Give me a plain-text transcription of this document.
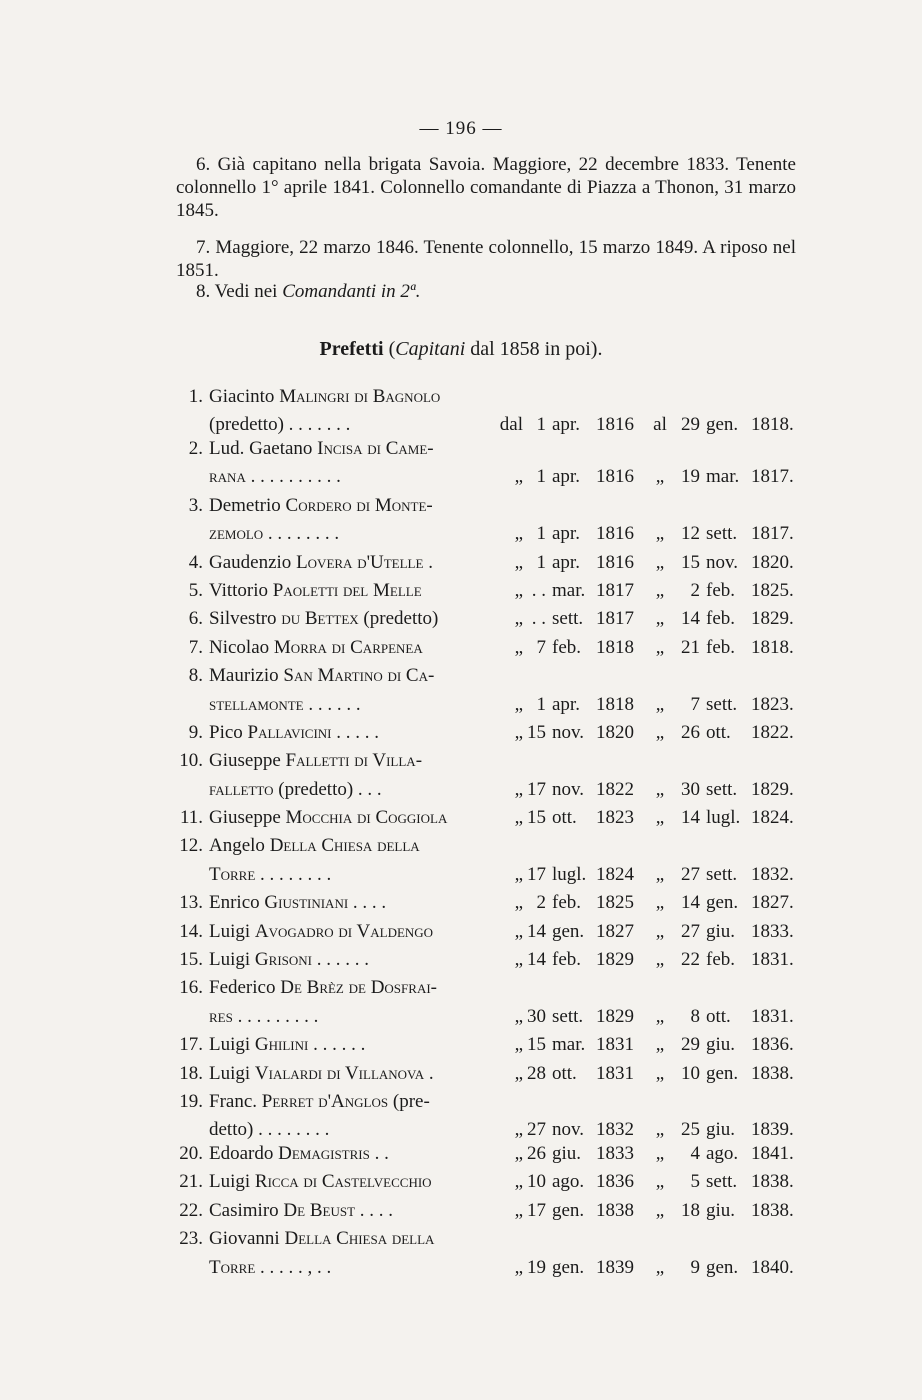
— 196 —

6. Già capitano nella brigata Savoia. Maggiore, 22 decembre 1833. Tenente colonnello 1° aprile 1841. Colonnello comandante di Piazza a Thonon, 31 marzo 1845.

7. Maggiore, 22 marzo 1846. Tenente colonnello, 15 marzo 1849. A riposo nel 1851.

8. Vedi nei Comandanti in 2ª.

Prefetti (Capitani dal 1858 in poi).
1. Giacinto Malingri di Bagnolo
(predetto) . . . . . . .	dal 1 apr. 1816	al 29 gen. 1818.
2. Lud. Gaetano Incisa di Came-
rana . . . . . . . . . .	„ 1 apr. 1816	„ 19 mar. 1817.
3. Demetrio Cordero di Monte-
zemolo . . . . . . . .	„ 1 apr. 1816	„ 12 sett. 1817.
4. Gaudenzio Lovera d'Utelle .	„ 1 apr. 1816	„ 15 nov. 1820.
5. Vittorio Paoletti del Melle	„ . . mar. 1817	„	2 feb. 1825.
6. Silvestro du Bettex (predetto)	„ . . sett. 1817	„ 14 feb. 1829.
7. Nicolao Morra di Carpenea	„ 7 feb. 1818	„ 21 feb. 1818.
8. Maurizio San Martino di Ca-
stellamonte . . . . . .	„ 1 apr. 1818	„	7 sett. 1823.
9. Pico Pallavicini . . . . .	„ 15 nov. 1820	„ 26 ott. 1822.
10. Giuseppe Falletti di Villa-
falletto (predetto) . . .	„ 17 nov. 1822	„ 30 sett. 1829.
11. Giuseppe Mocchia di Coggiola	„ 15 ott. 1823	„ 14 lugl. 1824.
12. Angelo Della Chiesa della
Torre . . . . . . . .	„ 17 lugl. 1824	„ 27 sett. 1832.
13. Enrico Giustiniani . . . .	„ 2 feb. 1825	„ 14 gen. 1827.
14. Luigi Avogadro di Valdengo	„ 14 gen. 1827	„ 27 giu. 1833.
15. Luigi Grisoni . . . . . .	„ 14 feb. 1829	„ 22 feb. 1831.
16. Federico De Brèz de Dosfrai-
res . . . . . . . . .	„ 30 sett. 1829	„	8 ott. 1831.
17. Luigi Ghilini . . . . . .	„ 15 mar. 1831	„ 29 giu. 1836.
18. Luigi Vialardi di Villanova .	„ 28 ott. 1831	„ 10 gen. 1838.
19. Franc. Perret d'Anglos (pre-
detto) . . . . . . . .	„ 27 nov. 1832	„ 25 giu. 1839.
20. Edoardo Demagistris . .	„ 26 giu. 1833	„	4 ago. 1841.
21. Luigi Ricca di Castelvecchio	„ 10 ago. 1836	„	5 sett. 1838.
22. Casimiro De Beust . . . .	„ 17 gen. 1838	„ 18 giu. 1838.
23. Giovanni Della Chiesa della
Torre . . . . . , . .	„ 19 gen. 1839	„	9 gen. 1840.
